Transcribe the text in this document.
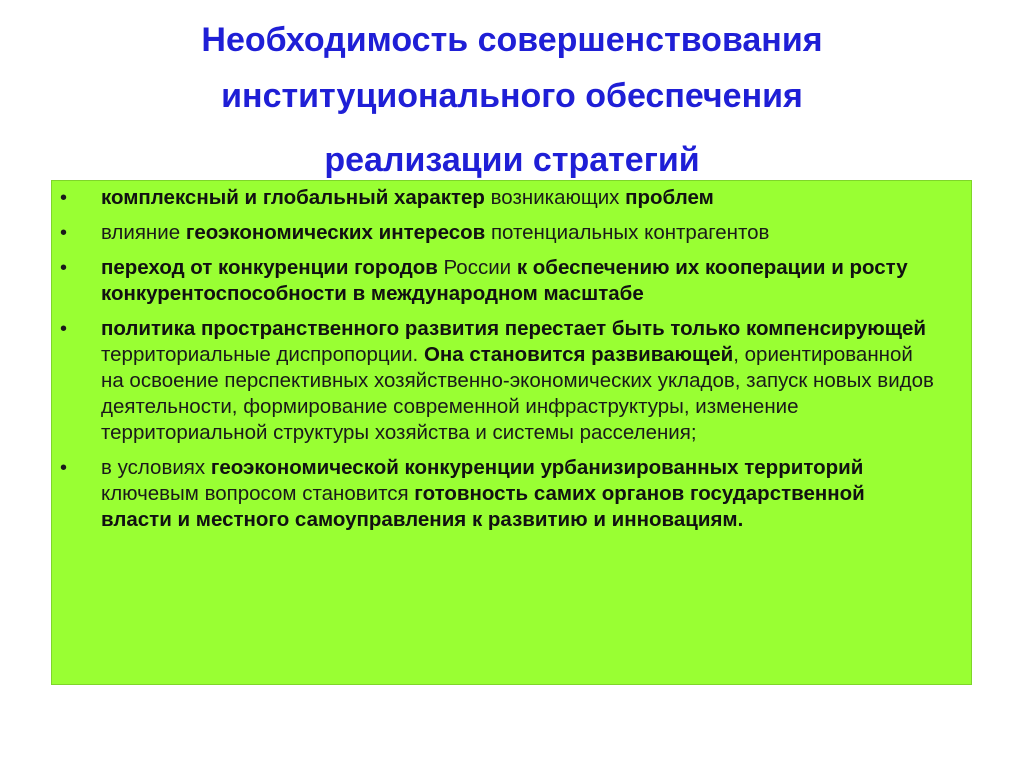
Необходимость совершенствования
институционального обеспечения
реализации стратегий
• комплексный и глобальный характер возникающих проблем
• влияние геоэкономических интересов потенциальных контрагентов
• переход от конкуренции городов России к обеспечению их кооперации и росту конкурентоспособности в международном масштабе
• политика пространственного развития перестает быть только компенсирующей территориальные диспропорции. Она становится развивающей, ориентированной на освоение перспективных хозяйственно-экономических укладов, запуск новых видов деятельности, формирование современной инфраструктуры, изменение территориальной структуры хозяйства и системы расселения;
• в условиях геоэкономической конкуренции урбанизированных территорий ключевым вопросом становится готовность самих органов государственной власти и местного самоуправления к развитию и инновациям.
